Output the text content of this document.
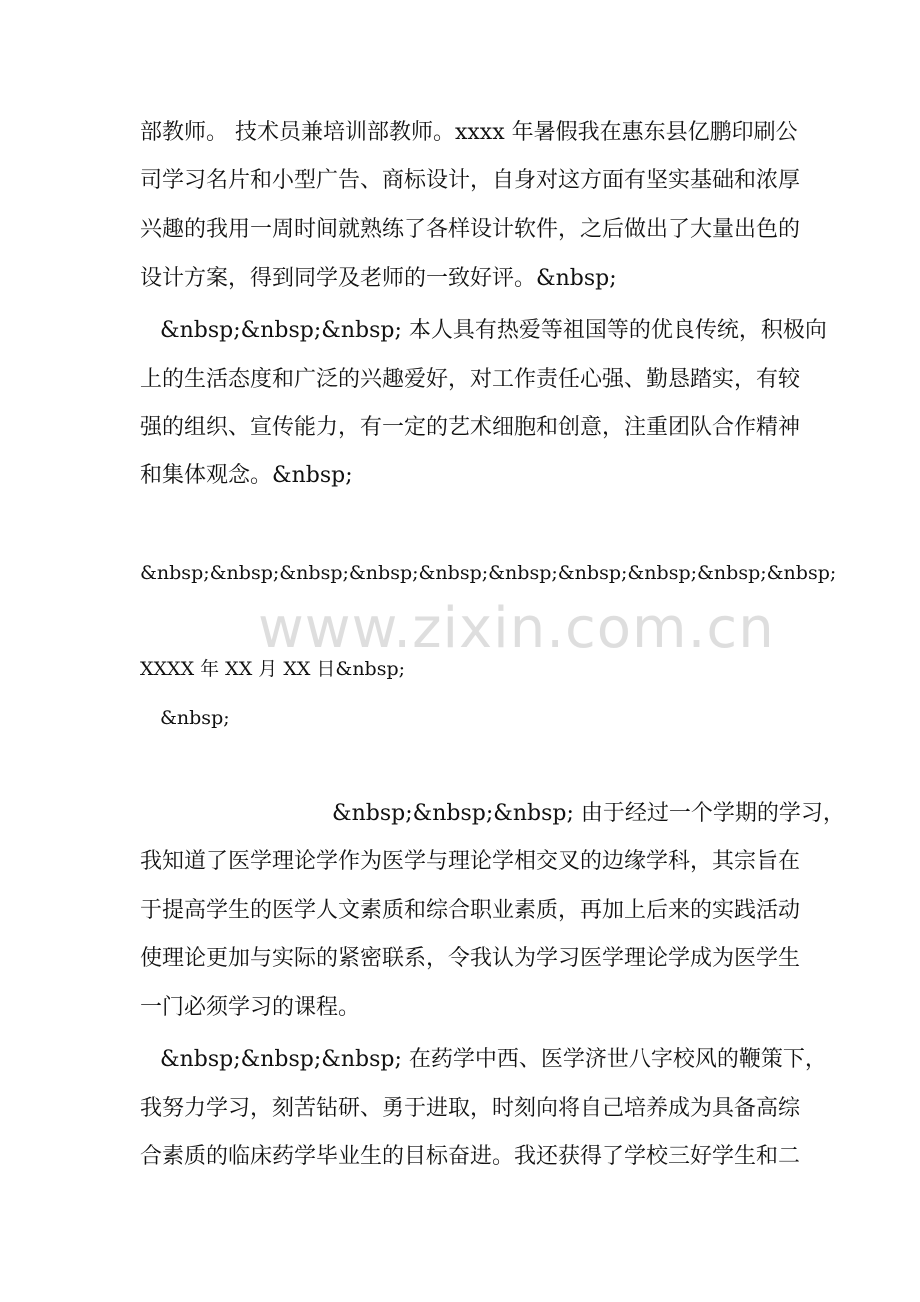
部教师。 技术员兼培训部教师。xxxx 年暑假我在惠东县亿鹏印刷公
司学习名片和小型广告、商标设计，自身对这方面有坚实基础和浓厚
兴趣的我用一周时间就熟练了各样设计软件，之后做出了大量出色的
设计方案，得到同学及老师的一致好评。&nbsp;
&nbsp;&nbsp;&nbsp; 本人具有热爱等祖国等的优良传统，积极向
上的生活态度和广泛的兴趣爱好，对工作责任心强、勤恳踏实，有较
强的组织、宣传能力，有一定的艺术细胞和创意，注重团队合作精神
和集体观念。&nbsp;
&nbsp;&nbsp;&nbsp;&nbsp;&nbsp;&nbsp;&nbsp;&nbsp;&nbsp;&nbsp;
XXXX 年 XX 月 XX 日&nbsp;
&nbsp;
&nbsp;&nbsp;&nbsp; 由于经过一个学期的学习，
我知道了医学理论学作为医学与理论学相交叉的边缘学科，其宗旨在
于提高学生的医学人文素质和综合职业素质，再加上后来的实践活动
使理论更加与实际的紧密联系，令我认为学习医学理论学成为医学生
一门必须学习的课程。
&nbsp;&nbsp;&nbsp; 在药学中西、医学济世八字校风的鞭策下，
我努力学习，刻苦钻研、勇于进取，时刻向将自己培养成为具备高综
合素质的临床药学毕业生的目标奋进。我还获得了学校三好学生和二
www.zixin.com.cn
